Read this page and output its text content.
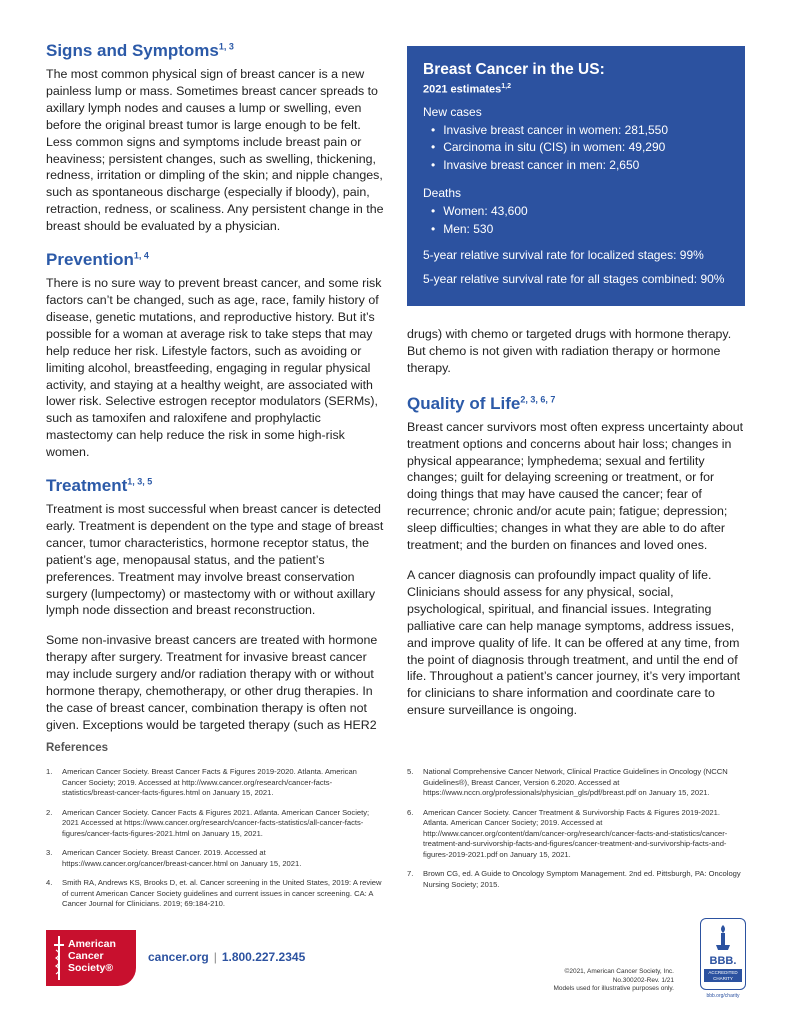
Signs and Symptoms$^{1, 3}$

The most common physical sign of breast cancer is a new painless lump or mass. Sometimes breast cancer spreads to axillary lymph nodes and causes a lump or swelling, even before the original breast tumor is large enough to be felt. Less common signs and symptoms include breast pain or heaviness; persistent changes, such as swelling, thickening, redness, irritation or dimpling of the skin; and nipple changes, such as spontaneous discharge (especially if bloody), pain, retraction, redness, or scaliness. Any persistent change in the breast should be evaluated by a physician.

Prevention$^{1, 4}$

There is no sure way to prevent breast cancer, and some risk factors can’t be changed, such as age, race, family history of disease, genetic mutations, and reproductive history. But it’s possible for a woman at average risk to take steps that may help reduce her risk. Lifestyle factors, such as avoiding or limiting alcohol, breastfeeding, engaging in regular physical activity, and staying at a healthy weight, are associated with lower risk. Selective estrogen receptor modulators (SERMs), such as tamoxifen and raloxifene and prophylactic mastectomy can help reduce the risk in some high-risk women.

Treatment$^{1, 3, 5}$

Treatment is most successful when breast cancer is detected early. Treatment is dependent on the type and stage of breast cancer, tumor characteristics, hormone receptor status, the patient’s age, menopausal status, and the patient’s preferences. Treatment may involve breast conservation surgery (lumpectomy) or mastectomy with or without axillary lymph node dissection and breast reconstruction.

Some non-invasive breast cancers are treated with hormone therapy after surgery. Treatment for invasive breast cancer may include surgery and/or radiation therapy with or without hormone therapy, chemotherapy, or other drug therapies. In the case of breast cancer, combination therapy is often not given. Exceptions would be targeted therapy (such as HER2

Breast Cancer in the US:
2021 estimates$^{1,2}$
New cases
• Invasive breast cancer in women: 281,550
• Carcinoma in situ (CIS) in women: 49,290
• Invasive breast cancer in men: 2,650
Deaths
• Women: 43,600
• Men: 530
5-year relative survival rate for localized stages: 99%
5-year relative survival rate for all stages combined: 90%

drugs) with chemo or targeted drugs with hormone therapy. But chemo is not given with radiation therapy or hormone therapy.

Quality of Life$^{2, 3, 6, 7}$

Breast cancer survivors most often express uncertainty about treatment options and concerns about hair loss; changes in physical appearance; lymphedema; sexual and fertility changes; guilt for delaying screening or treatment, or for doing things that may have caused the cancer; fear of recurrence; chronic and/or acute pain; fatigue; depression; sleep difficulties; changes in what they are able to do after treatment; and the burden on finances and loved ones.

A cancer diagnosis can profoundly impact quality of life. Clinicians should assess for any physical, social, psychological, spiritual, and financial issues. Integrating palliative care can help manage symptoms, address issues, and improve quality of life. It can be offered at any time, from the point of diagnosis through treatment, and until the end of life. Throughout a patient’s cancer journey, it’s very important for clinicians to share information and coordinate care to ensure surveillance is ongoing.

References
1.	American Cancer Society. Breast Cancer Facts & Figures 2019-2020. Atlanta. American Cancer Society; 2019. Accessed at http://www.cancer.org/research/cancer-facts-statistics/breast-cancer-facts-figures.html on January 15, 2021.
2.	American Cancer Society. Cancer Facts & Figures 2021. Atlanta. American Cancer Society; 2021 Accessed at https://www.cancer.org/research/cancer-facts-statistics/all-cancer-facts-figures/cancer-facts-figures-2021.html on January 15, 2021.
3.	American Cancer Society. Breast Cancer. 2019. Accessed at https://www.cancer.org/cancer/breast-cancer.html on January 15, 2021.
4.	Smith RA, Andrews KS, Brooks D, et. al. Cancer screening in the United States, 2019: A review of current American Cancer Society guidelines and current issues in cancer screening. CA: A Cancer Journal for Clinicians. 2019; 69:184-210.
5.	National Comprehensive Cancer Network, Clinical Practice Guidelines in Oncology (NCCN Guidelines®), Breast Cancer, Version 6.2020. Accessed at https://www.nccn.org/professionals/physician_gls/pdf/breast.pdf on January 15, 2021.
6.	American Cancer Society. Cancer Treatment & Survivorship Facts & Figures 2019-2021. Atlanta. American Cancer Society; 2019. Accessed at http://www.cancer.org/content/dam/cancer-org/research/cancer-facts-and-statistics/cancer-treatment-and-survivorship-facts-and-figures/cancer-treatment-and-survivorship-facts-and-figures-2019-2021.pdf on January 15, 2021.
7.	Brown CG, ed. A Guide to Oncology Symptom Management. 2nd ed. Pittsburgh, PA: Oncology Nursing Society; 2015.
American
Cancer
Society®
cancer.org | 1.800.227.2345
©2021, American Cancer Society, Inc.
No.300202-Rev. 1/21
Models used for illustrative purposes only.
BBB.
ACCREDITED
CHARITY
bbb.org/charity
